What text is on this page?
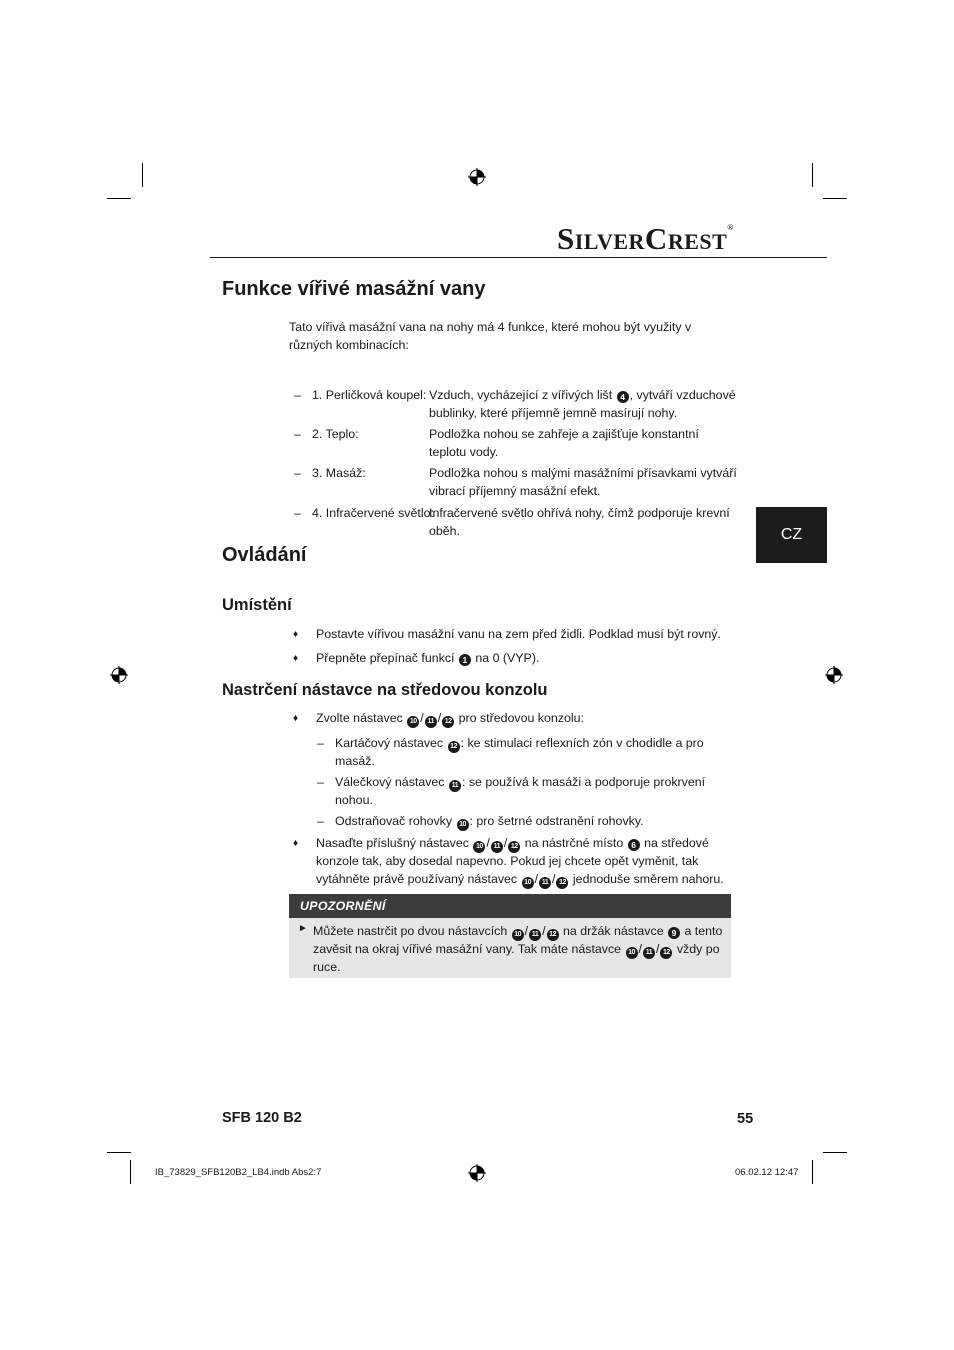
SILVERCREST®
Funkce vířivé masážní vany

Tato vířivá masážní vana na nohy má 4 funkce, které mohou být využity v různých kombinacích:

– 1. Perličková koupel: Vzduch, vycházející z vířivých lišt 4 , vytváří vzduchové bublinky, které příjemně jemně masírují nohy.
– 2. Teplo:	Podložka nohou se zahřeje a zajišťuje konstantní teplotu vody.
– 3. Masáž:	Podložka nohou s malými masážními přísavkami vytváří vibrací příjemný masážní efekt.
– 4. Infračervené světlo:
Infračervené světlo ohřívá nohy, čímž podporuje krevní oběh.	CZ
Ovládání
Umístění
♦ Postavte vířivou masážní vanu na zem před židli. Podklad musí být rovný.
♦ Přepněte přepínač funkcí 1 na 0 (VYP).
Nastrčení nástavce na středovou konzolu
♦ Zvolte nástavec 10 / 11 / 12 pro středovou konzolu:
– Kartáčový nástavec 12 : ke stimulaci reflexních zón v chodidle a pro masáž.
– Válečkový nástavec 11 : se používá k masáži a podporuje prokrvení nohou.
– Odstraňovač rohovky 10 : pro šetrné odstranění rohovky.
♦ Nasaďte příslušný nástavec 10 / 11 / 12 na nástrčné místo 6 na středové konzole tak, aby dosedal napevno. Pokud jej chcete opět vyměnit, tak vytáhněte právě používaný nástavec 10 / 11 / 12 jednoduše směrem nahoru.
UPOZORNĚNÍ
► Můžete nastrčit po dvou nástavcích 10 / 11 / 12 na držák nástavce 9 a tento zavěsit na okraj vířivé masážní vany. Tak máte nástavce 10 / 11 / 12 vždy po ruce.
SFB 120 B2	55
IB_73829_SFB120B2_LB4.indb Abs2:7	06.02.12 12:47
